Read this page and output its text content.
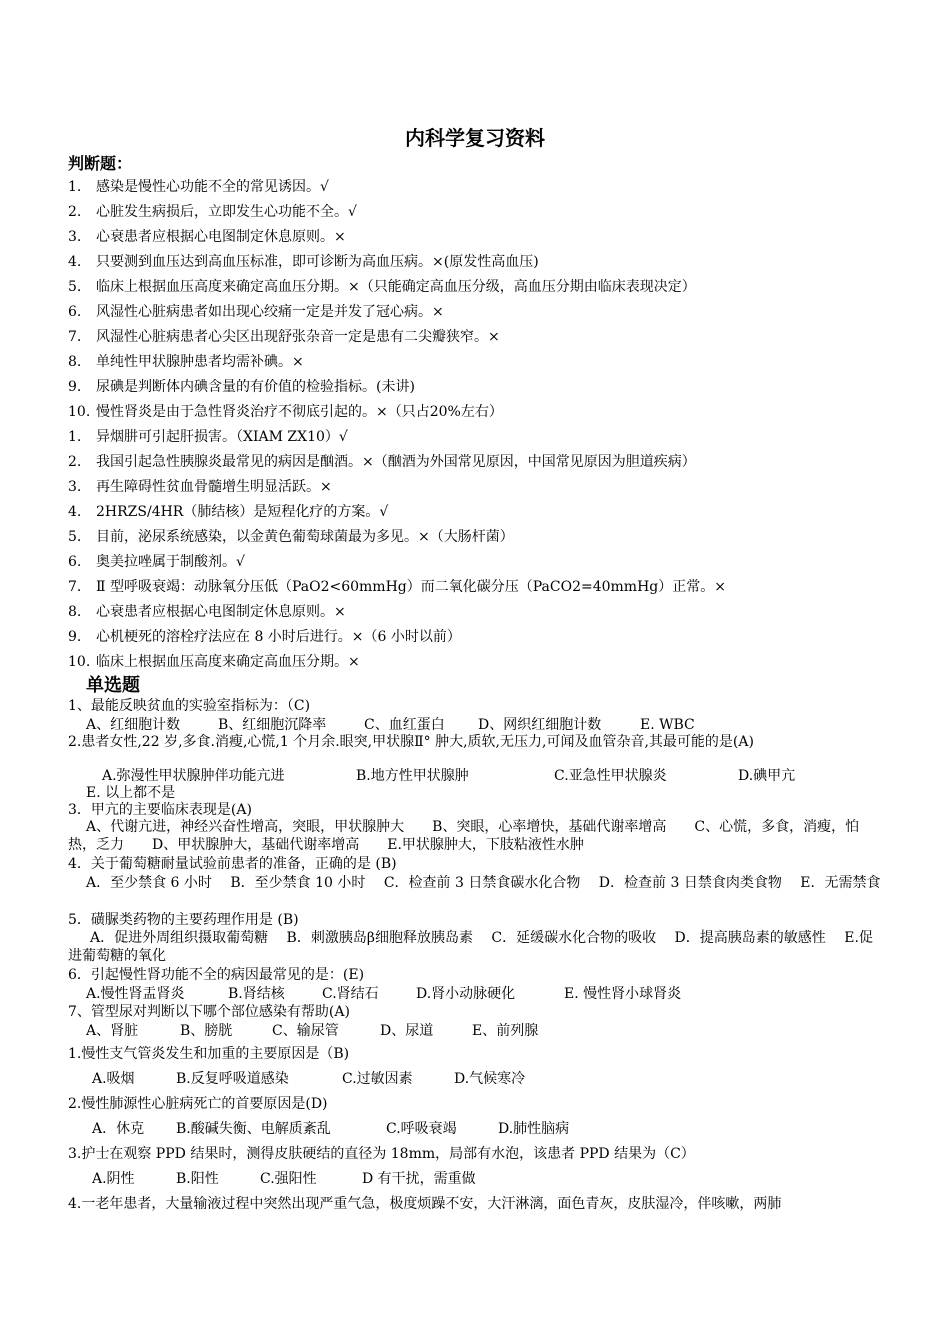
内科学复习资料
判断题：
1. 感染是慢性心功能不全的常见诱因。√
2. 心脏发生病损后，立即发生心功能不全。√
3. 心衰患者应根据心电图制定休息原则。×
4. 只要测到血压达到高血压标准，即可诊断为高血压病。×(原发性高血压)
5. 临床上根据血压高度来确定高血压分期。×（只能确定高血压分级，高血压分期由临床表现决定）
6. 风湿性心脏病患者如出现心绞痛一定是并发了冠心病。×
7. 风湿性心脏病患者心尖区出现舒张杂音一定是患有二尖瓣狭窄。×
8. 单纯性甲状腺肿患者均需补碘。×
9. 尿碘是判断体内碘含量的有价值的检验指标。(未讲)
10. 慢性肾炎是由于急性肾炎治疗不彻底引起的。×（只占20%左右）
1. 异烟肼可引起肝损害。（XIAM ZX10）√
2. 我国引起急性胰腺炎最常见的病因是酗酒。×（酗酒为外国常见原因，中国常见原因为胆道疾病）
3. 再生障碍性贫血骨髓增生明显活跃。×
4. 2HRZS/4HR（肺结核）是短程化疗的方案。√
5. 目前，泌尿系统感染，以金黄色葡萄球菌最为多见。×（大肠杆菌）
6. 奥美拉唑属于制酸剂。√
7. Ⅱ 型呼吸衰竭：动脉氧分压低（PaO2<60mmHg）而二氧化碳分压（PaCO2=40mmHg）正常。×
8. 心衰患者应根据心电图制定休息原则。×
9. 心机梗死的溶栓疗法应在 8 小时后进行。×（6 小时以前）
10. 临床上根据血压高度来确定高血压分期。×
单选题
1、最能反映贫血的实验室指标为：（C)
A、红细胞计数	B、红细胞沉降率	C、血红蛋白 D、网织红细胞计数	E. WBC
2.患者女性,22 岁,多食.消瘦,心慌,1 个月余.眼突,甲状腺Ⅱ° 肿大,质软,无压力,可闻及血管杂音,其最可能的是(A)
A.弥漫性甲状腺肿伴功能亢进	B.地方性甲状腺肿	C.亚急性甲状腺炎	D.碘甲亢
E. 以上都不是
3．甲亢的主要临床表现是(A)
A、代谢亢进，神经兴奋性增高，突眼，甲状腺肿大　　B、突眼，心率增快，基础代谢率增高　　C、心慌，多食，消瘦，怕热，乏力　　D、甲状腺肿大，基础代谢率增高　　E.甲状腺肿大，下肢粘液性水肿
4．关于葡萄糖耐量试验前患者的准备，正确的是 (B)
A．至少禁食 6 小时　 B．至少禁食 10 小时　 C．检查前 3 日禁食碳水化合物　 D．检查前 3 日禁食肉类食物　 E．无需禁食
5．磺脲类药物的主要药理作用是 (B)
A．促进外周组织摄取葡萄糖　 B．刺激胰岛β细胞释放胰岛素　 C．延缓碳水化合物的吸收　 D．提高胰岛素的敏感性　 E.促进葡萄糖的氧化
6．引起慢性肾功能不全的病因最常见的是：(E)
A.慢性肾盂肾炎	B.肾结核	C.肾结石	D.肾小动脉硬化	E. 慢性肾小球肾炎
7、管型尿对判断以下哪个部位感染有帮助(A)
A、肾脏	B、膀胱	C、输尿管	D、尿道	E、前列腺
1.慢性支气管炎发生和加重的主要原因是（B)
A.吸烟	B.反复呼吸道感染	C.过敏因素	D.气候寒冷
2.慢性肺源性心脏病死亡的首要原因是(D)
A．休克 B.酸碱失衡、电解质紊乱	C.呼吸衰竭	D.肺性脑病
3.护士在观察 PPD 结果时，测得皮肤硬结的直径为 18mm，局部有水泡，该患者 PPD 结果为（C）
A.阴性	B.阳性	C.强阳性	D 有干扰，需重做
4.一老年患者，大量输液过程中突然出现严重气急，极度烦躁不安，大汗淋漓，面色青灰，皮肤湿冷，伴咳嗽，两肺
